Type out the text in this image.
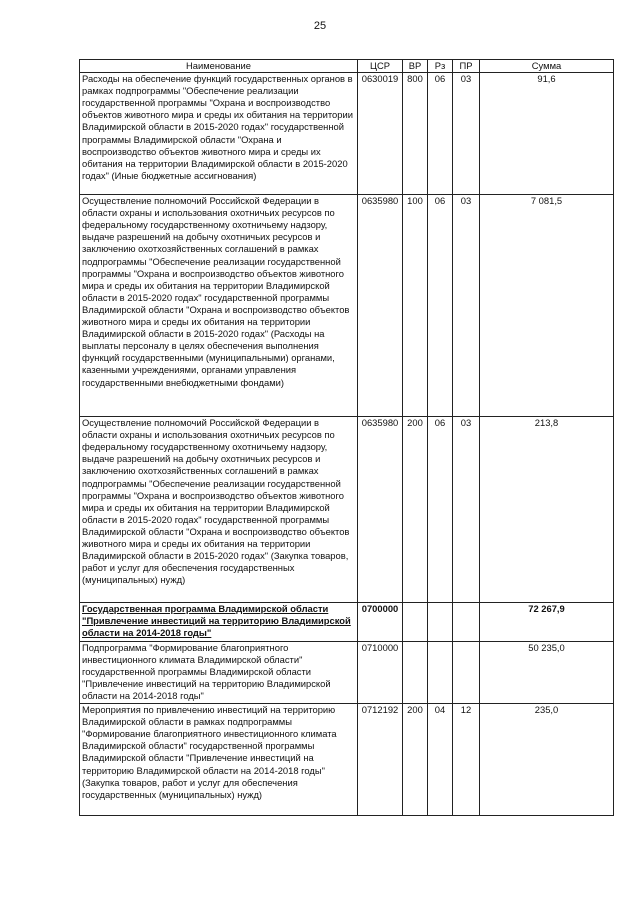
25
Наименование	ЦСР	ВР	Рз	ПР	Сумма
Расходы на обеспечение функций государственных органов в рамках подпрограммы "Обеспечение реализации государственной программы "Охрана и воспроизводство объектов животного мира и среды их обитания на территории Владимирской области в 2015-2020 годах" государственной программы Владимирской области "Охрана и воспроизводство объектов животного мира и среды их обитания на территории Владимирской области в 2015-2020 годах" (Иные бюджетные ассигнования)	0630019	800	06	03	91,6
Осуществление полномочий Российской Федерации в области охраны и использования охотничьих ресурсов по федеральному государственному охотничьему надзору, выдаче разрешений на добычу охотничьих ресурсов и заключению охотхозяйственных соглашений в рамках подпрограммы "Обеспечение реализации государственной программы "Охрана и воспроизводство объектов животного мира и среды их обитания на территории Владимирской области в 2015-2020 годах" государственной программы Владимирской области "Охрана и воспроизводство объектов животного мира и среды их обитания на территории Владимирской области в 2015-2020 годах" (Расходы на выплаты персоналу в целях обеспечения выполнения функций государственными (муниципальными) органами, казенными учреждениями, органами управления государственными внебюджетными фондами)	0635980	100	06	03	7 081,5
Осуществление полномочий Российской Федерации в области охраны и использования охотничьих ресурсов по федеральному государственному охотничьему надзору, выдаче разрешений на добычу охотничьих ресурсов и заключению охотхозяйственных соглашений в рамках подпрограммы "Обеспечение реализации государственной программы "Охрана и воспроизводство объектов животного мира и среды их обитания на территории Владимирской области в 2015-2020 годах" государственной программы Владимирской области "Охрана и воспроизводство объектов животного мира и среды их обитания на территории Владимирской области в 2015-2020 годах" (Закупка товаров, работ и услуг для обеспечения государственных (муниципальных) нужд)	0635980	200	06	03	213,8
Государственная программа Владимирской области "Привлечение инвестиций на территорию Владимирской области на 2014-2018 годы"	0700000				72 267,9
Подпрограмма "Формирование благоприятного инвестиционного климата Владимирской области" государственной программы Владимирской области "Привлечение инвестиций на территорию Владимирской области на 2014-2018 годы"	0710000				50 235,0
Мероприятия по привлечению инвестиций на территорию Владимирской области в рамках подпрограммы "Формирование благоприятного инвестиционного климата Владимирской области" государственной программы Владимирской области "Привлечение инвестиций на территорию Владимирской области на 2014-2018 годы" (Закупка товаров, работ и услуг для обеспечения государственных (муниципальных) нужд)	0712192	200	04	12	235,0
